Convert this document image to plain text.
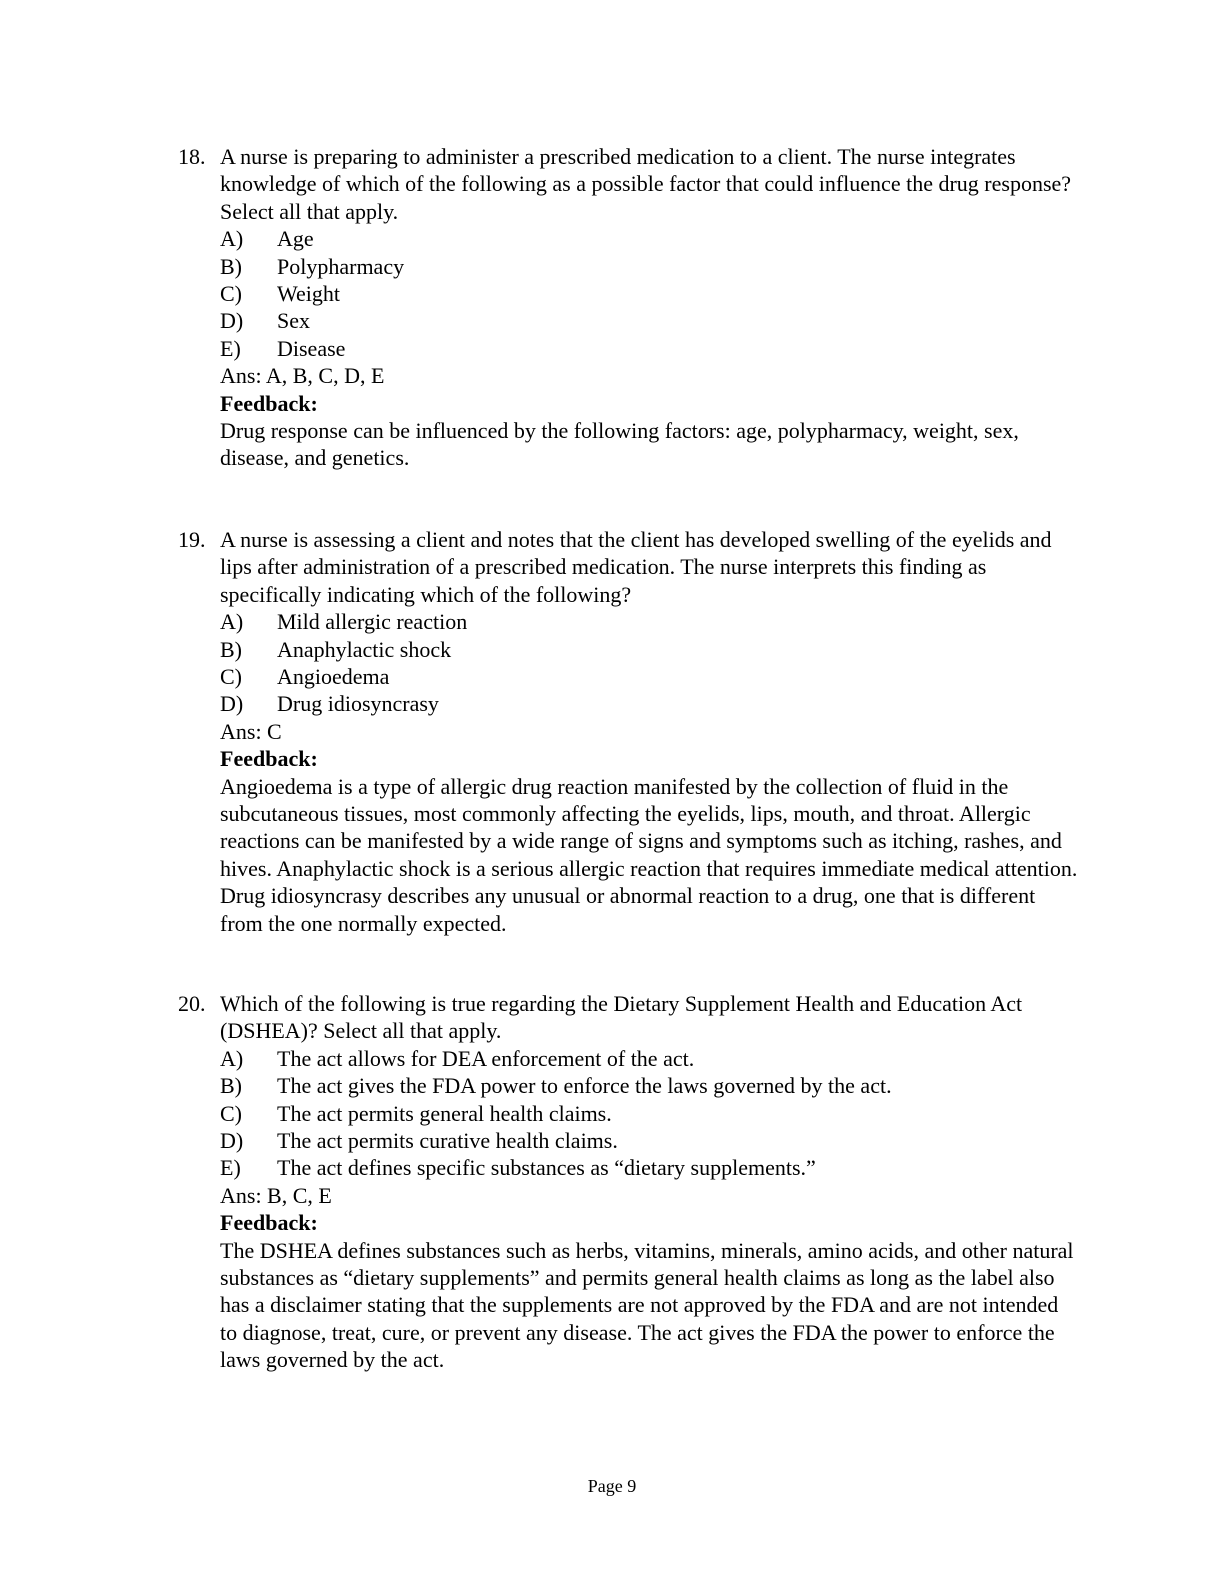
18. A nurse is preparing to administer a prescribed medication to a client. The nurse integrates knowledge of which of the following as a possible factor that could influence the drug response? Select all that apply.
A)	Age
B)	Polypharmacy
C)	Weight
D)	Sex
E)	Disease
Ans: A, B, C, D, E
Feedback:
Drug response can be influenced by the following factors: age, polypharmacy, weight, sex, disease, and genetics.
19. A nurse is assessing a client and notes that the client has developed swelling of the eyelids and lips after administration of a prescribed medication. The nurse interprets this finding as specifically indicating which of the following?
A)	Mild allergic reaction
B)	Anaphylactic shock
C)	Angioedema
D)	Drug idiosyncrasy
Ans: C
Feedback:
Angioedema is a type of allergic drug reaction manifested by the collection of fluid in the subcutaneous tissues, most commonly affecting the eyelids, lips, mouth, and throat. Allergic reactions can be manifested by a wide range of signs and symptoms such as itching, rashes, and hives. Anaphylactic shock is a serious allergic reaction that requires immediate medical attention. Drug idiosyncrasy describes any unusual or abnormal reaction to a drug, one that is different from the one normally expected.
20. Which of the following is true regarding the Dietary Supplement Health and Education Act (DSHEA)? Select all that apply.
A)	The act allows for DEA enforcement of the act.
B)	The act gives the FDA power to enforce the laws governed by the act.
C)	The act permits general health claims.
D)	The act permits curative health claims.
E)	The act defines specific substances as “dietary supplements.”
Ans: B, C, E
Feedback:
The DSHEA defines substances such as herbs, vitamins, minerals, amino acids, and other natural substances as “dietary supplements” and permits general health claims as long as the label also has a disclaimer stating that the supplements are not approved by the FDA and are not intended to diagnose, treat, cure, or prevent any disease. The act gives the FDA the power to enforce the laws governed by the act.
Page 9
